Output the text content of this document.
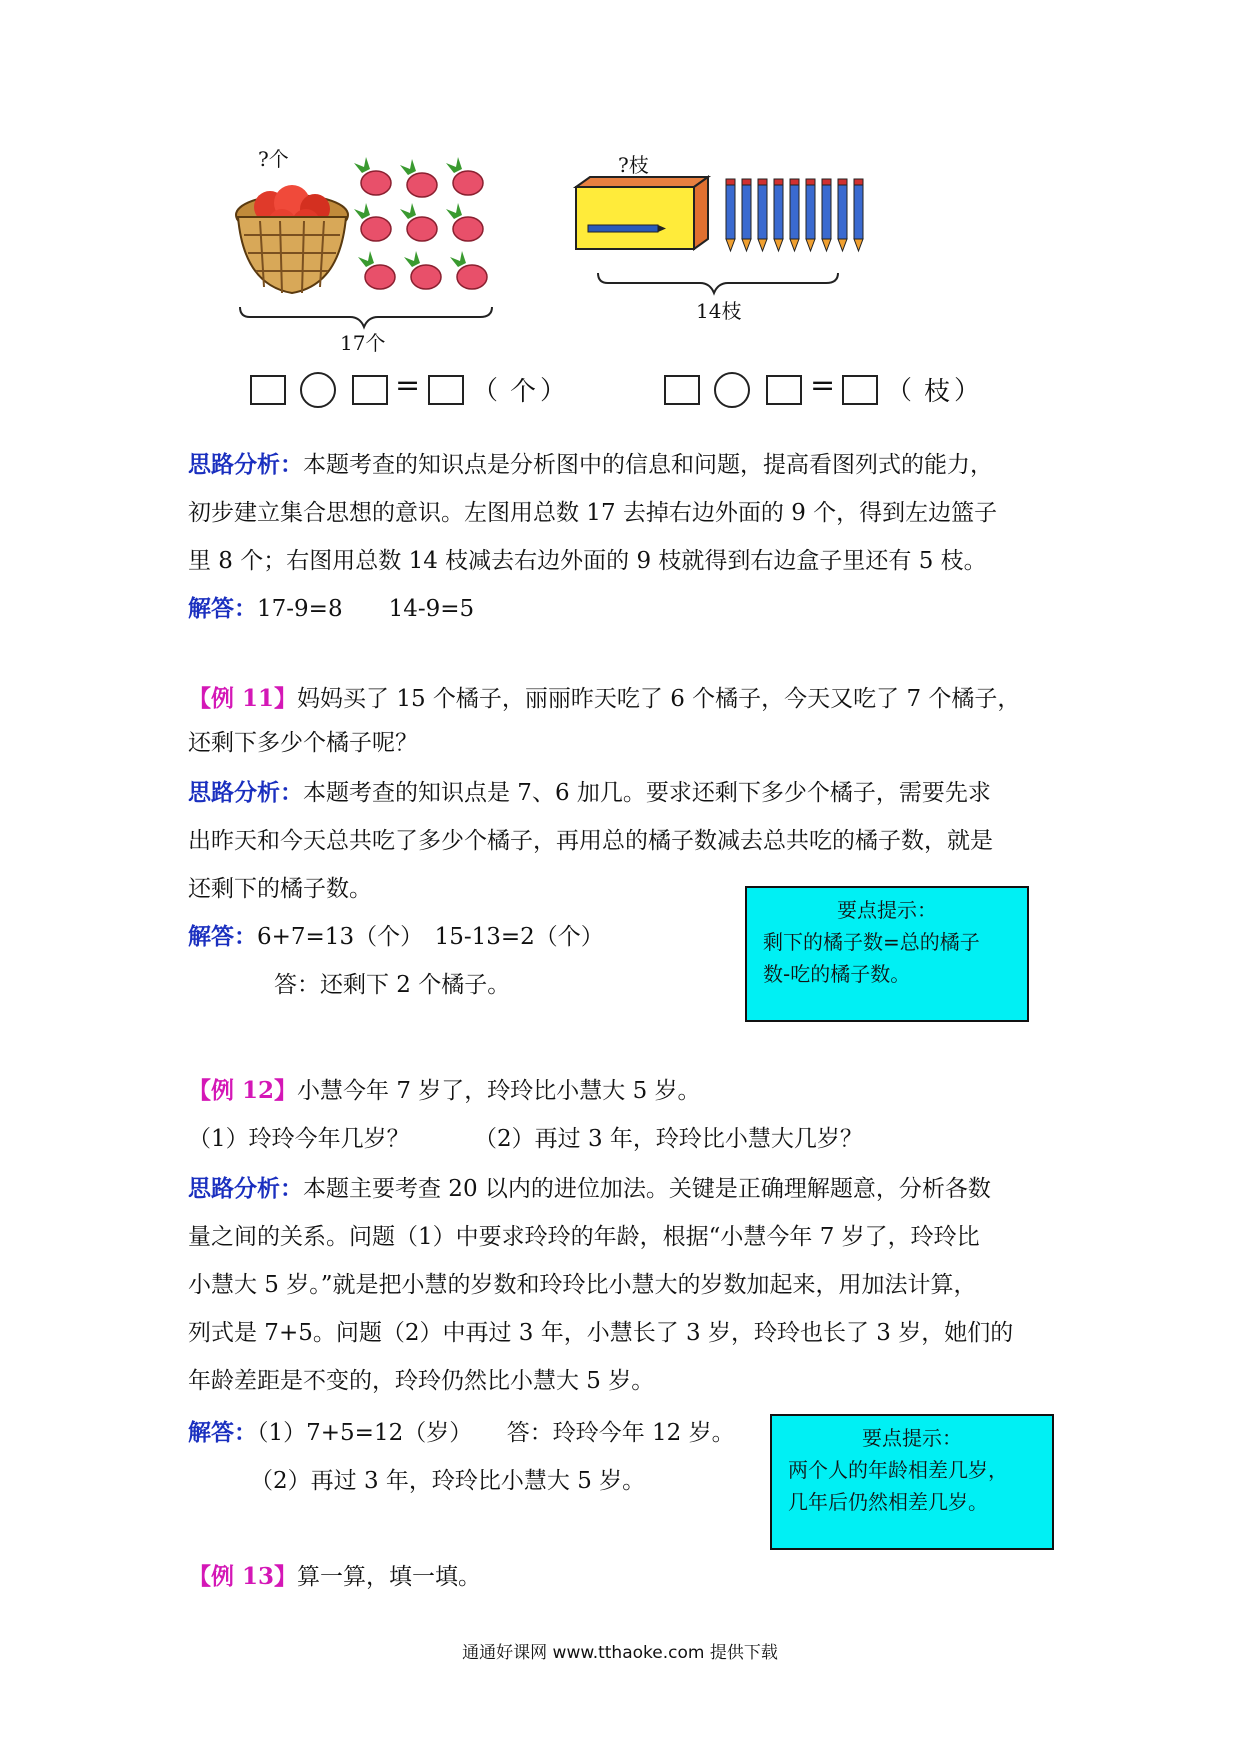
?个
17个
?枝
14枝
= （ 个 ）	= （ 枝 ）
思路分析：本题考查的知识点是分析图中的信息和问题，提高看图列式的能力，
初步建立集合思想的意识。左图用总数 17 去掉右边外面的 9 个，得到左边篮子
里 8 个；右图用总数 14 枝减去右边外面的 9 枝就得到右边盒子里还有 5 枝。
解答：17-9=8　　14-9=5
【例 11】妈妈买了 15 个橘子，丽丽昨天吃了 6 个橘子，今天又吃了 7 个橘子，
还剩下多少个橘子呢？
思路分析：本题考查的知识点是 7、6 加几。要求还剩下多少个橘子，需要先求
出昨天和今天总共吃了多少个橘子，再用总的橘子数减去总共吃的橘子数，就是
还剩下的橘子数。
解答：6+7=13（个）　15-13=2（个）
答：还剩下 2 个橘子。
要点提示：
剩下的橘子数=总的橘子
数-吃的橘子数。
【例 12】小慧今年 7 岁了，玲玲比小慧大 5 岁。
（1）玲玲今年几岁？	（2）再过 3 年，玲玲比小慧大几岁？
思路分析：本题主要考查 20 以内的进位加法。关键是正确理解题意，分析各数
量之间的关系。问题（1）中要求玲玲的年龄，根据“小慧今年 7 岁了，玲玲比
小慧大 5 岁。”就是把小慧的岁数和玲玲比小慧大的岁数加起来，用加法计算，
列式是 7+5。问题（2）中再过 3 年，小慧长了 3 岁，玲玲也长了 3 岁，她们的
年龄差距是不变的，玲玲仍然比小慧大 5 岁。
解答：（1）7+5=12（岁）　　答：玲玲今年 12 岁。
（2）再过 3 年，玲玲比小慧大 5 岁。
要点提示：
两个人的年龄相差几岁，
几年后仍然相差几岁。
【例 13】算一算，填一填。
通通好课网 www.tthaoke.com 提供下载
